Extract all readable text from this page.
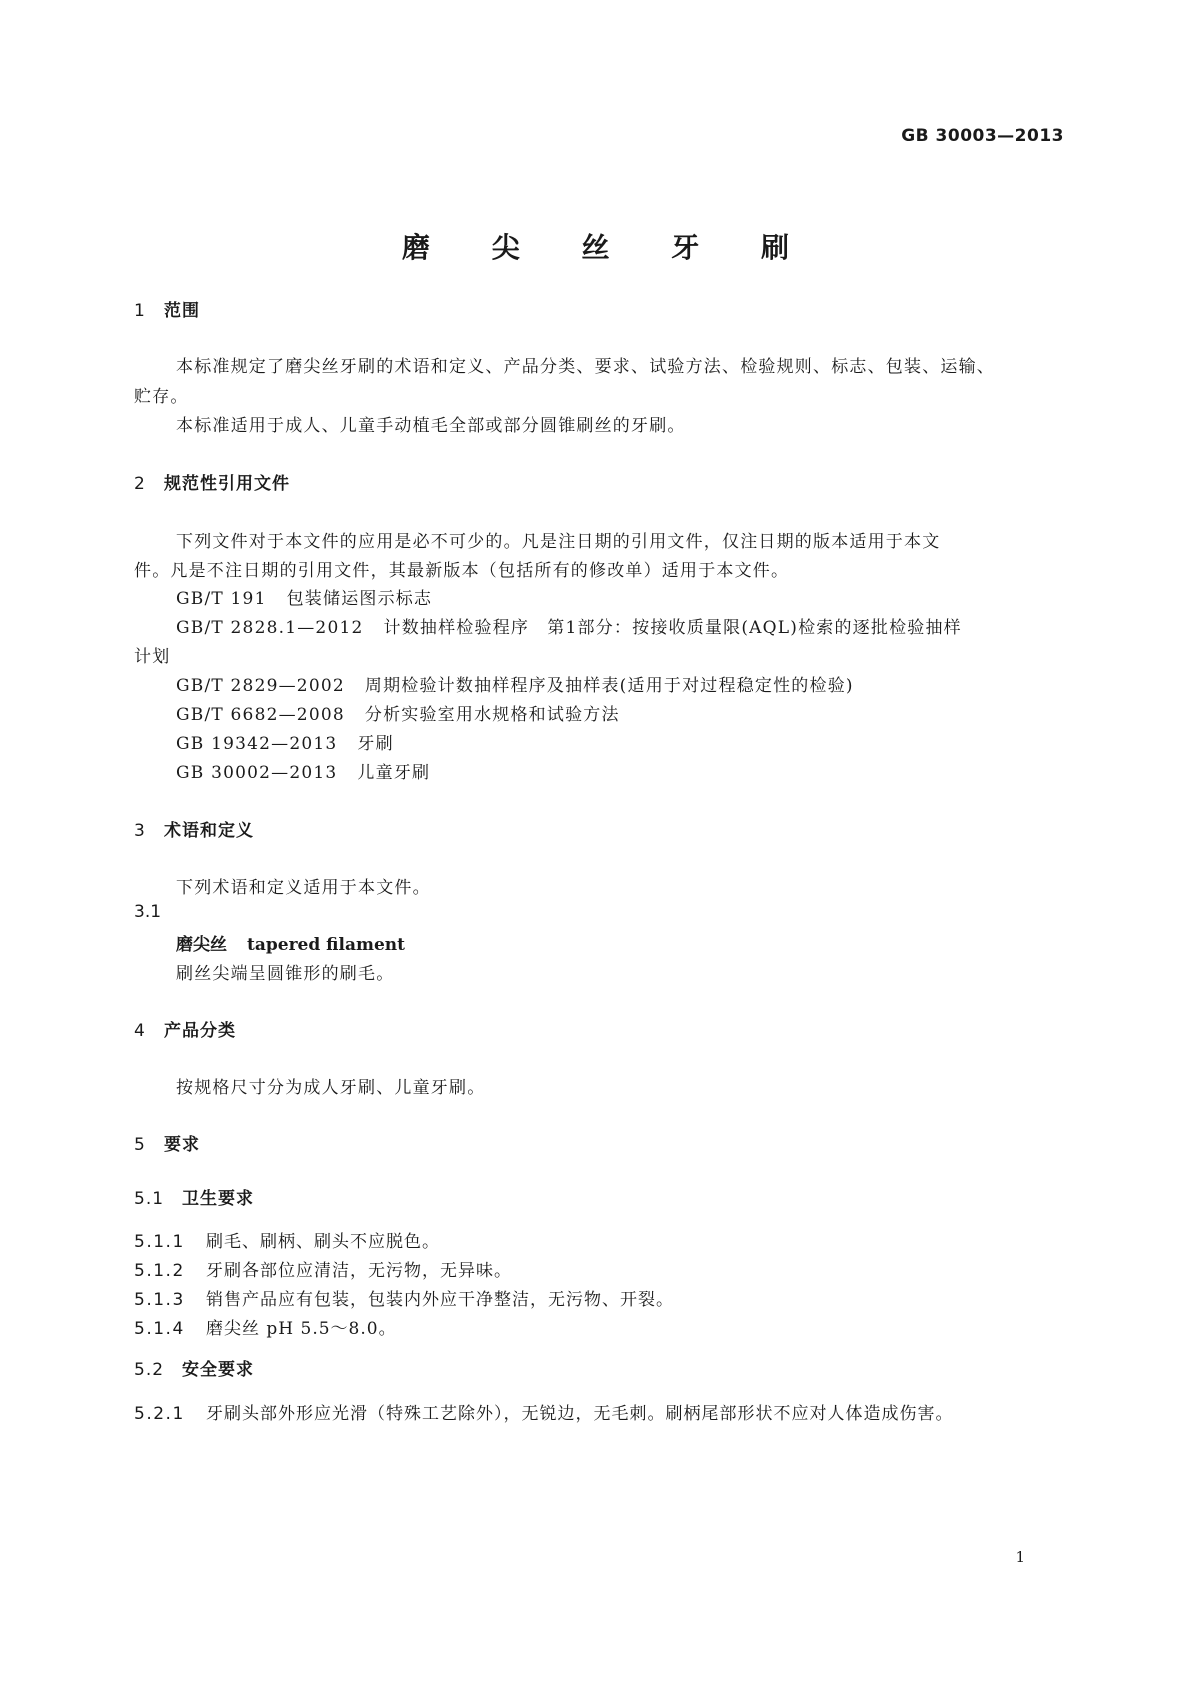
GB 30003—2013
磨 尖 丝 牙 刷
1 范围
本标准规定了磨尖丝牙刷的术语和定义、产品分类、要求、试验方法、检验规则、标志、包装、运输、
贮存。
本标准适用于成人、儿童手动植毛全部或部分圆锥刷丝的牙刷。
2 规范性引用文件
下列文件对于本文件的应用是必不可少的。凡是注日期的引用文件，仅注日期的版本适用于本文
件。凡是不注日期的引用文件，其最新版本（包括所有的修改单）适用于本文件。
GB/T 191 包装储运图示标志
GB/T 2828.1—2012 计数抽样检验程序　第1部分：按接收质量限(AQL)检索的逐批检验抽样
计划
GB/T 2829—2002 周期检验计数抽样程序及抽样表(适用于对过程稳定性的检验)
GB/T 6682—2008 分析实验室用水规格和试验方法
GB 19342—2013 牙刷
GB 30002—2013 儿童牙刷
3 术语和定义
下列术语和定义适用于本文件。
3.1
磨尖丝 tapered filament
刷丝尖端呈圆锥形的刷毛。
4 产品分类
按规格尺寸分为成人牙刷、儿童牙刷。
5 要求
5.1 卫生要求
5.1.1 刷毛、刷柄、刷头不应脱色。
5.1.2 牙刷各部位应清洁，无污物，无异味。
5.1.3 销售产品应有包装，包装内外应干净整洁，无污物、开裂。
5.1.4 磨尖丝 pH 5.5～8.0。
5.2 安全要求
5.2.1 牙刷头部外形应光滑（特殊工艺除外），无锐边，无毛刺。刷柄尾部形状不应对人体造成伤害。
1
